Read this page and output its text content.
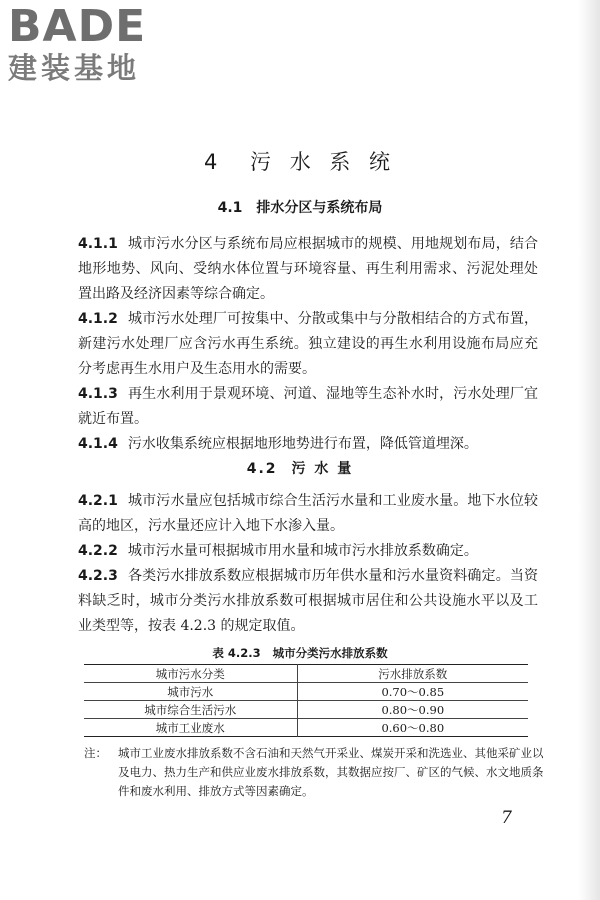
BADE
建装基地
4 污 水 系 统
4.1 排水分区与系统布局

4.1.1 城市污水分区与系统布局应根据城市的规模、用地规划布局，结合地形地势、风向、受纳水体位置与环境容量、再生利用需求、污泥处理处置出路及经济因素等综合确定。

4.1.2 城市污水处理厂可按集中、分散或集中与分散相结合的方式布置，新建污水处理厂应含污水再生系统。独立建设的再生水利用设施布局应充分考虑再生水用户及生态用水的需要。

4.1.3 再生水利用于景观环境、河道、湿地等生态补水时，污水处理厂宜就近布置。

4.1.4 污水收集系统应根据地形地势进行布置，降低管道埋深。

4.2 污 水 量

4.2.1 城市污水量应包括城市综合生活污水量和工业废水量。地下水位较高的地区，污水量还应计入地下水渗入量。

4.2.2 城市污水量可根据城市用水量和城市污水排放系数确定。

4.2.3 各类污水排放系数应根据城市历年供水量和污水量资料确定。当资料缺乏时，城市分类污水排放系数可根据城市居住和公共设施水平以及工业类型等，按表 4.2.3 的规定取值。

表 4.2.3 城市分类污水排放系数
城市污水分类	污水排放系数
城市污水	0.70～0.85
城市综合生活污水	0.80～0.90
城市工业废水	0.60～0.80
注： 城市工业废水排放系数不含石油和天然气开采业、煤炭开采和洗选业、其他采矿业以及电力、热力生产和供应业废水排放系数，其数据应按厂、矿区的气候、水文地质条件和废水利用、排放方式等因素确定。
7
